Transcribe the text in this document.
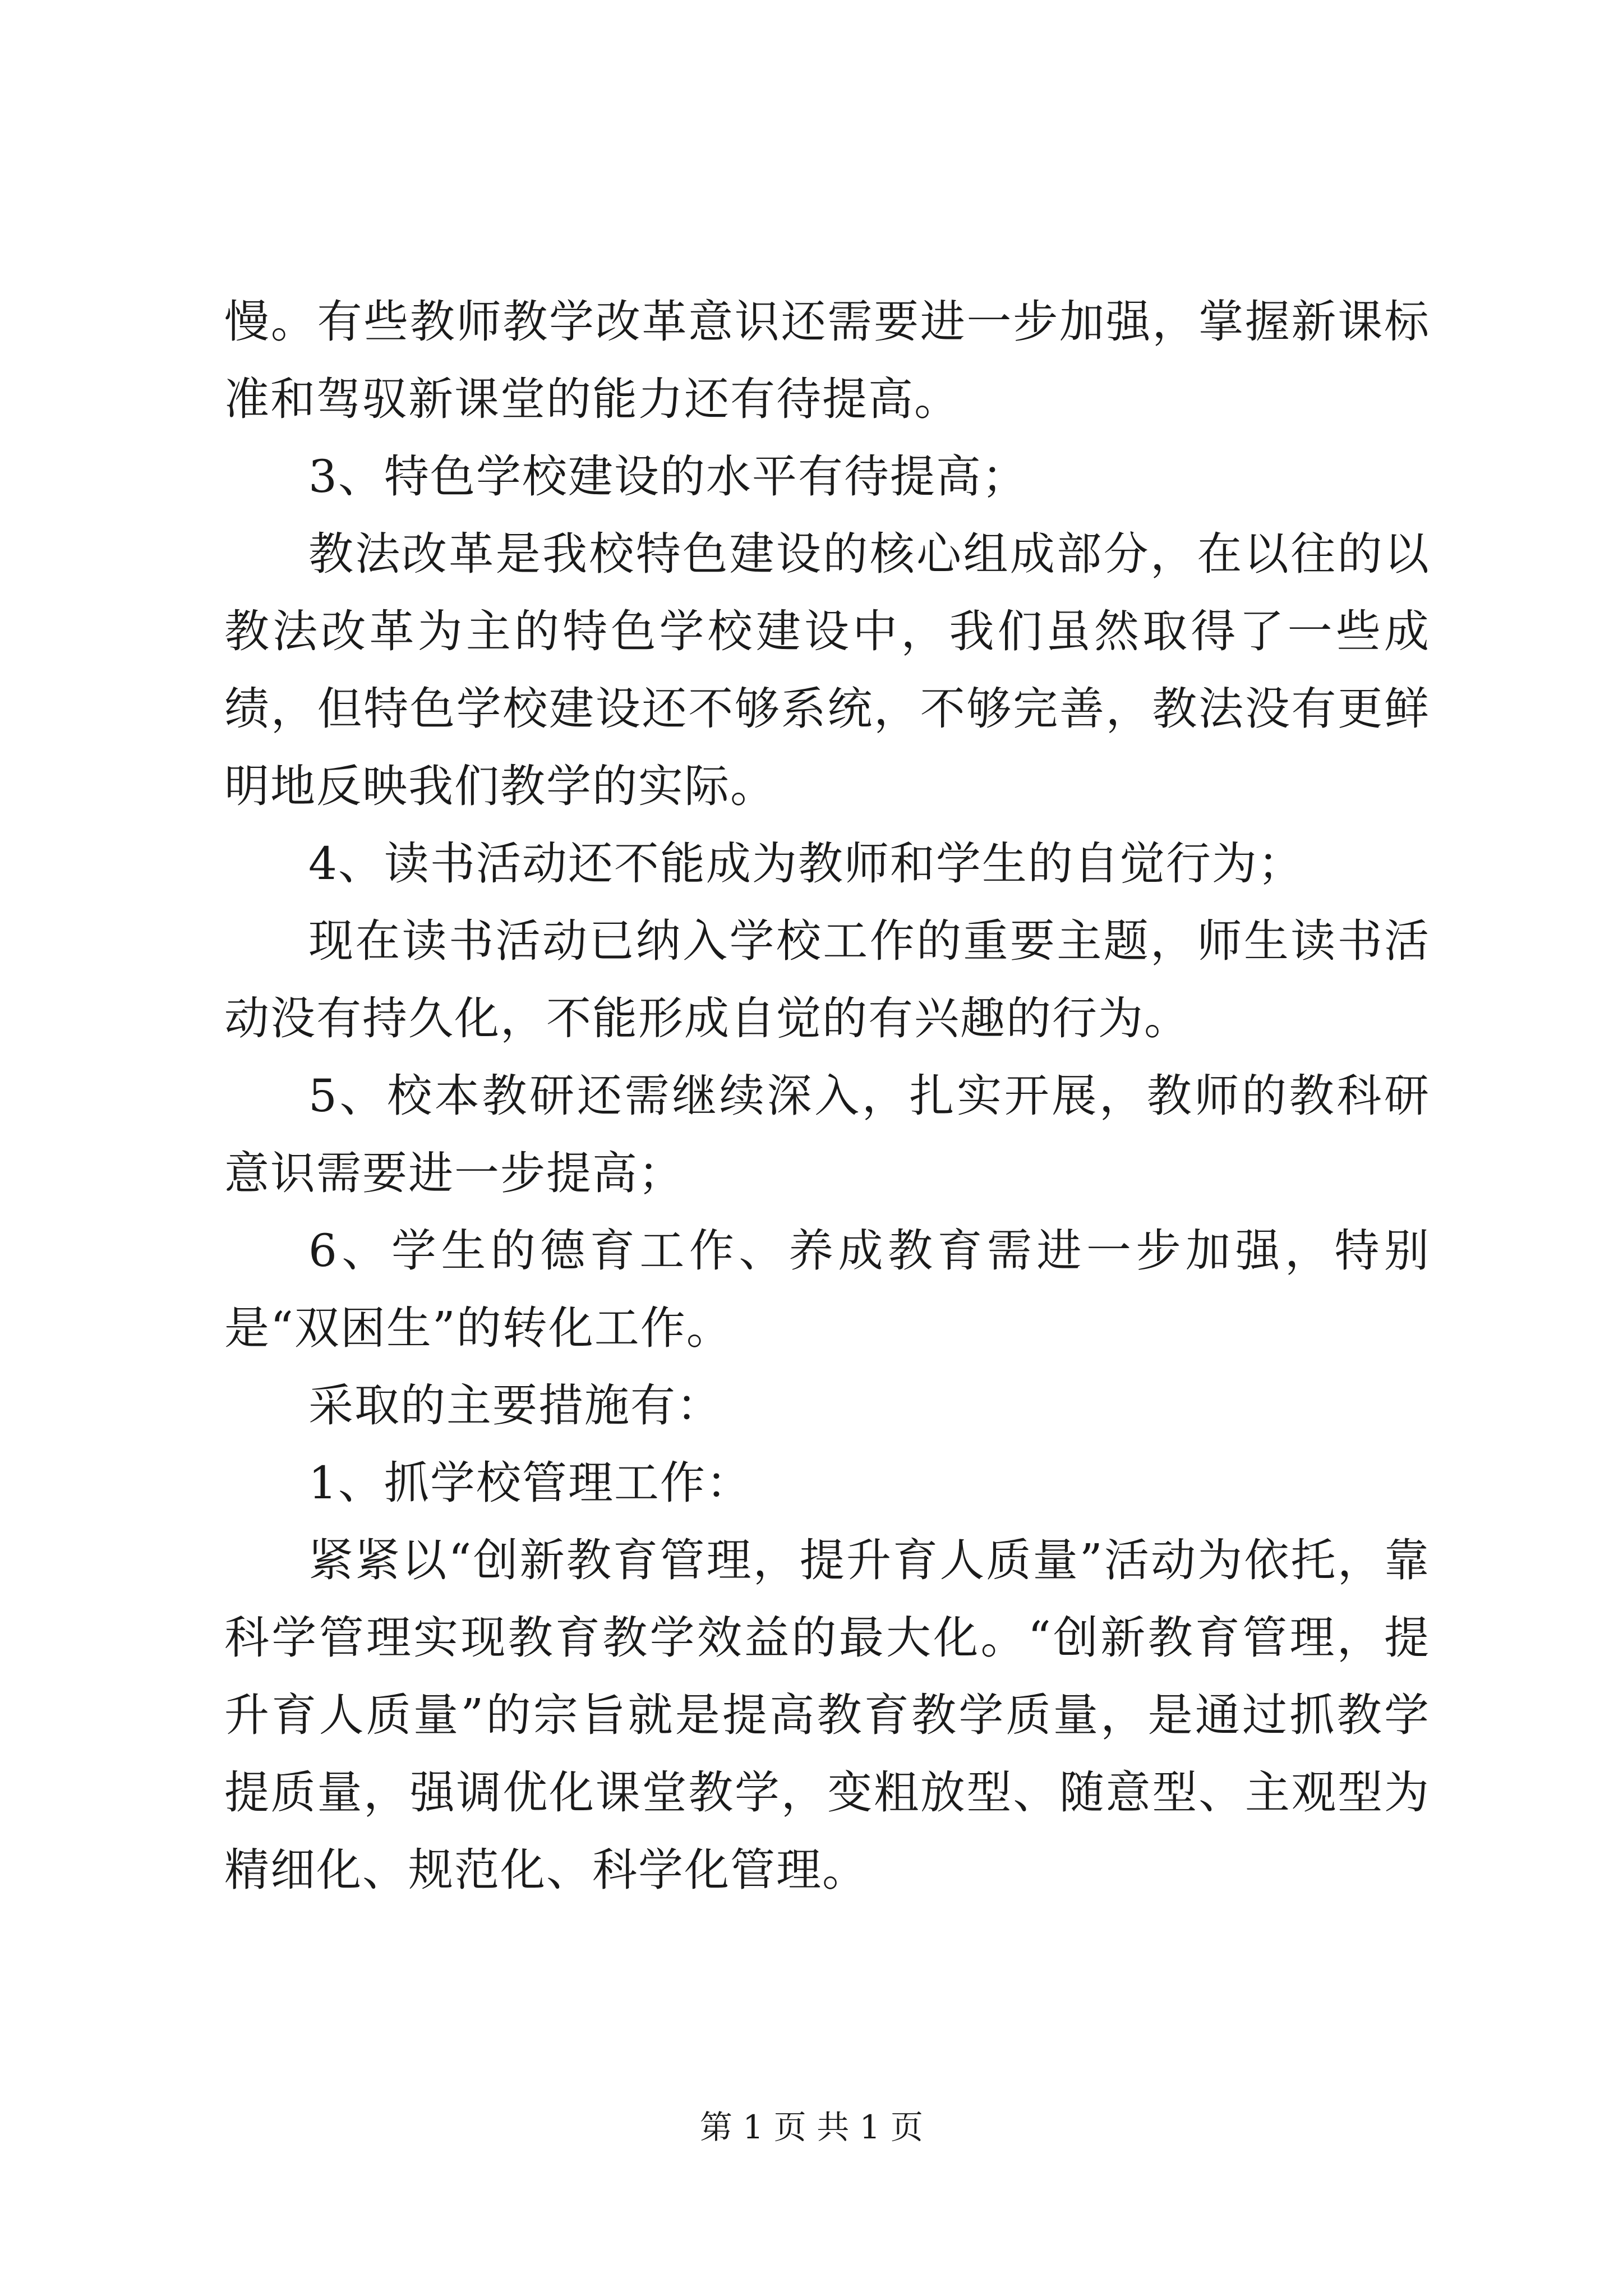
慢。有些教师教学改革意识还需要进一步加强，掌握新课标准和驾驭新课堂的能力还有待提高。

3、特色学校建设的水平有待提高；

教法改革是我校特色建设的核心组成部分，在以往的以教法改革为主的特色学校建设中，我们虽然取得了一些成绩，但特色学校建设还不够系统，不够完善，教法没有更鲜明地反映我们教学的实际。

4、读书活动还不能成为教师和学生的自觉行为；

现在读书活动已纳入学校工作的重要主题，师生读书活动没有持久化，不能形成自觉的有兴趣的行为。

5、校本教研还需继续深入，扎实开展，教师的教科研意识需要进一步提高；

6、学生的德育工作、养成教育需进一步加强，特别是“双困生”的转化工作。

采取的主要措施有：

1、抓学校管理工作：

紧紧以“创新教育管理，提升育人质量”活动为依托，靠科学管理实现教育教学效益的最大化。“创新教育管理，提升育人质量”的宗旨就是提高教育教学质量，是通过抓教学提质量，强调优化课堂教学，变粗放型、随意型、主观型为精细化、规范化、科学化管理。

第 1 页 共 1 页
